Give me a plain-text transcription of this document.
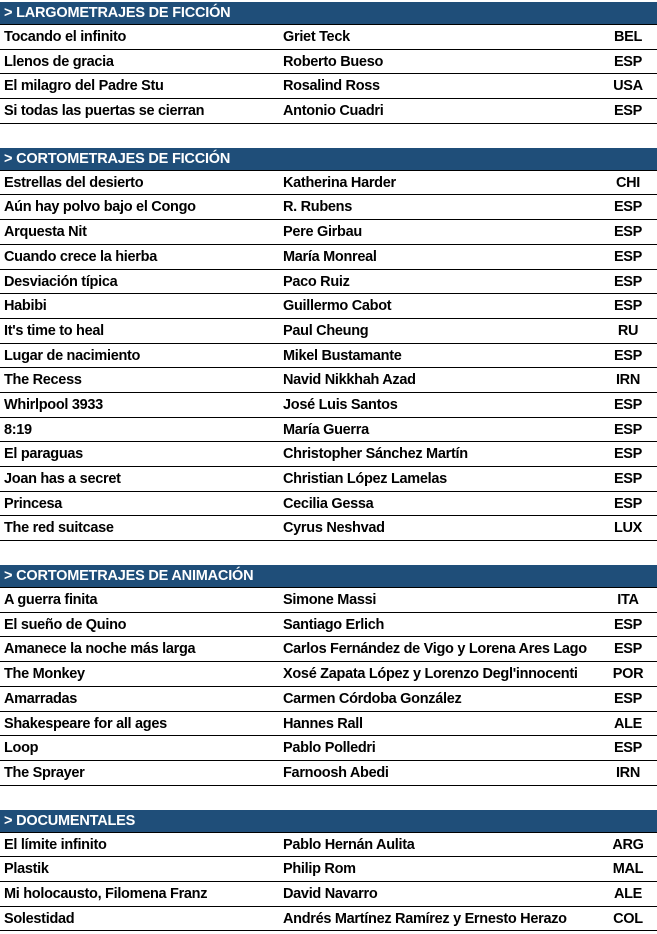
> LARGOMETRAJES DE FICCIÓN
Tocando el infinito	Griet Teck	BEL
Llenos de gracia	Roberto Bueso	ESP
El milagro del Padre Stu	Rosalind Ross	USA
Si todas las puertas se cierran	Antonio Cuadri	ESP
> CORTOMETRAJES DE FICCIÓN
Estrellas del desierto	Katherina Harder	CHI
Aún hay polvo bajo el Congo	R. Rubens	ESP
Arquesta Nit	Pere Girbau	ESP
Cuando crece la hierba	María Monreal	ESP
Desviación típica	Paco Ruiz	ESP
Habibi	Guillermo Cabot	ESP
It's time to heal	Paul Cheung	RU
Lugar de nacimiento	Mikel Bustamante	ESP
The Recess	Navid Nikkhah Azad	IRN
Whirlpool 3933	José Luis Santos	ESP
8:19	María Guerra	ESP
El paraguas	Christopher Sánchez Martín	ESP
Joan has a secret	Christian López Lamelas	ESP
Princesa	Cecilia Gessa	ESP
The red suitcase	Cyrus Neshvad	LUX
> CORTOMETRAJES DE ANIMACIÓN
A guerra finita	Simone Massi	ITA
El sueño de Quino	Santiago Erlich	ESP
Amanece la noche más larga	Carlos Fernández de Vigo y Lorena Ares Lago	ESP
The Monkey	Xosé Zapata López y Lorenzo Degl'innocenti	POR
Amarradas	Carmen Córdoba González	ESP
Shakespeare for all ages	Hannes Rall	ALE
Loop	Pablo Polledri	ESP
The Sprayer	Farnoosh Abedi	IRN
> DOCUMENTALES
El límite infinito	Pablo Hernán Aulita	ARG
Plastik	Philip Rom	MAL
Mi holocausto, Filomena Franz	David Navarro	ALE
Solestidad	Andrés Martínez Ramírez y Ernesto Herazo	COL
